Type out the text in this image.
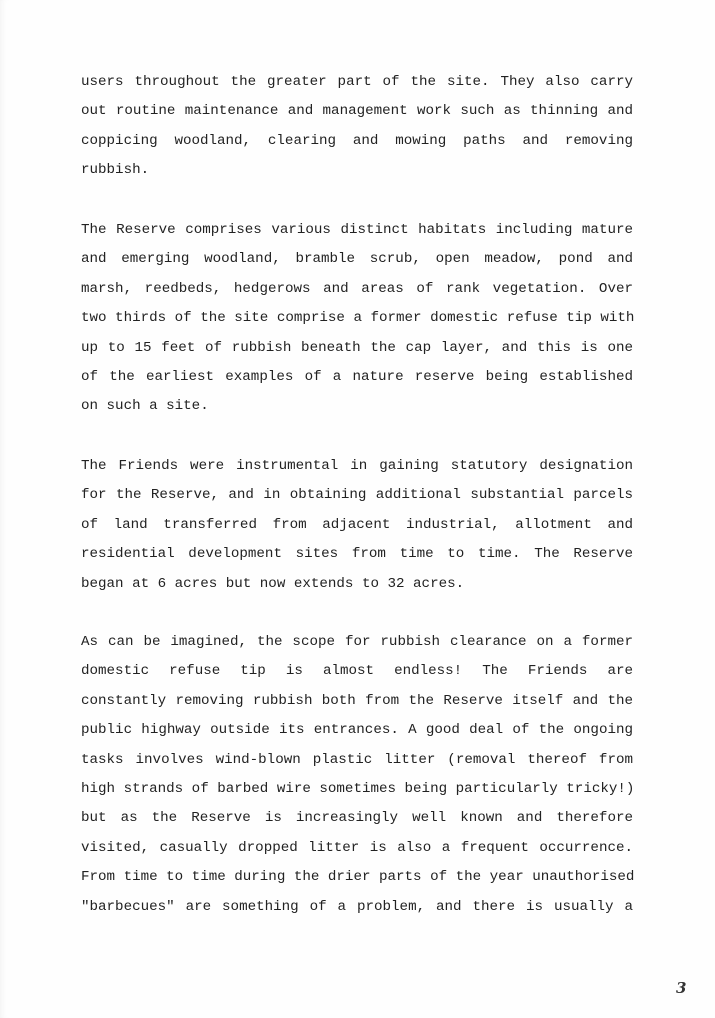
users throughout the greater part of the site. They also carry
out routine maintenance and management work such as thinning and
coppicing woodland, clearing and mowing paths and removing
rubbish.
The Reserve comprises various distinct habitats including mature
and emerging woodland, bramble scrub, open meadow, pond and
marsh, reedbeds, hedgerows and areas of rank vegetation. Over
two thirds of the site comprise a former domestic refuse tip with
up to 15 feet of rubbish beneath the cap layer, and this is one
of the earliest examples of a nature reserve being established
on such a site.
The Friends were instrumental in gaining statutory designation
for the Reserve, and in obtaining additional substantial parcels
of land transferred from adjacent industrial, allotment and
residential development sites from time to time. The Reserve
began at 6 acres but now extends to 32 acres.
As can be imagined, the scope for rubbish clearance on a former
domestic refuse tip is almost endless! The Friends are
constantly removing rubbish both from the Reserve itself and the
public highway outside its entrances. A good deal of the ongoing
tasks involves wind-blown plastic litter (removal thereof from
high strands of barbed wire sometimes being particularly tricky!)
but as the Reserve is increasingly well known and therefore
visited, casually dropped litter is also a frequent occurrence.
From time to time during the drier parts of the year unauthorised
"barbecues" are something of a problem, and there is usually a
3
